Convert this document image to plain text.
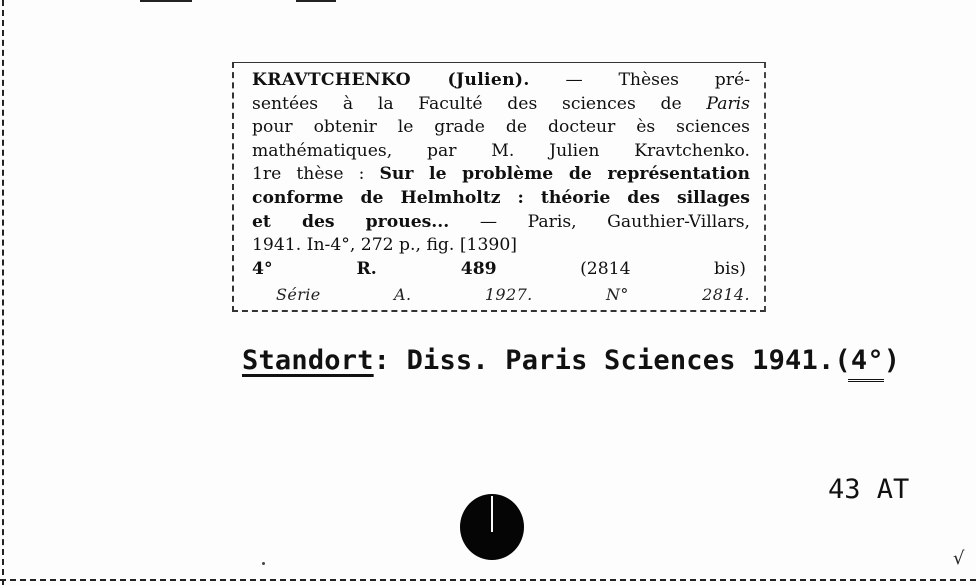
KRAVTCHENKO (Julien). — Thèses pré-
sentées à la Faculté des sciences de Paris
pour obtenir le grade de docteur ès sciences
mathématiques, par M. Julien Kravtchenko.
1re thèse : Sur le problème de représentation
conforme de Helmholtz : théorie des sillages
et des proues... — Paris, Gauthier-Villars,
1941. In-4°, 272 p., fig. [1390]
4° R. 489	(2814 bis)
Série A. 1927. N° 2814.
Standort: Diss. Paris Sciences 1941.(4°)
43 AT
√
